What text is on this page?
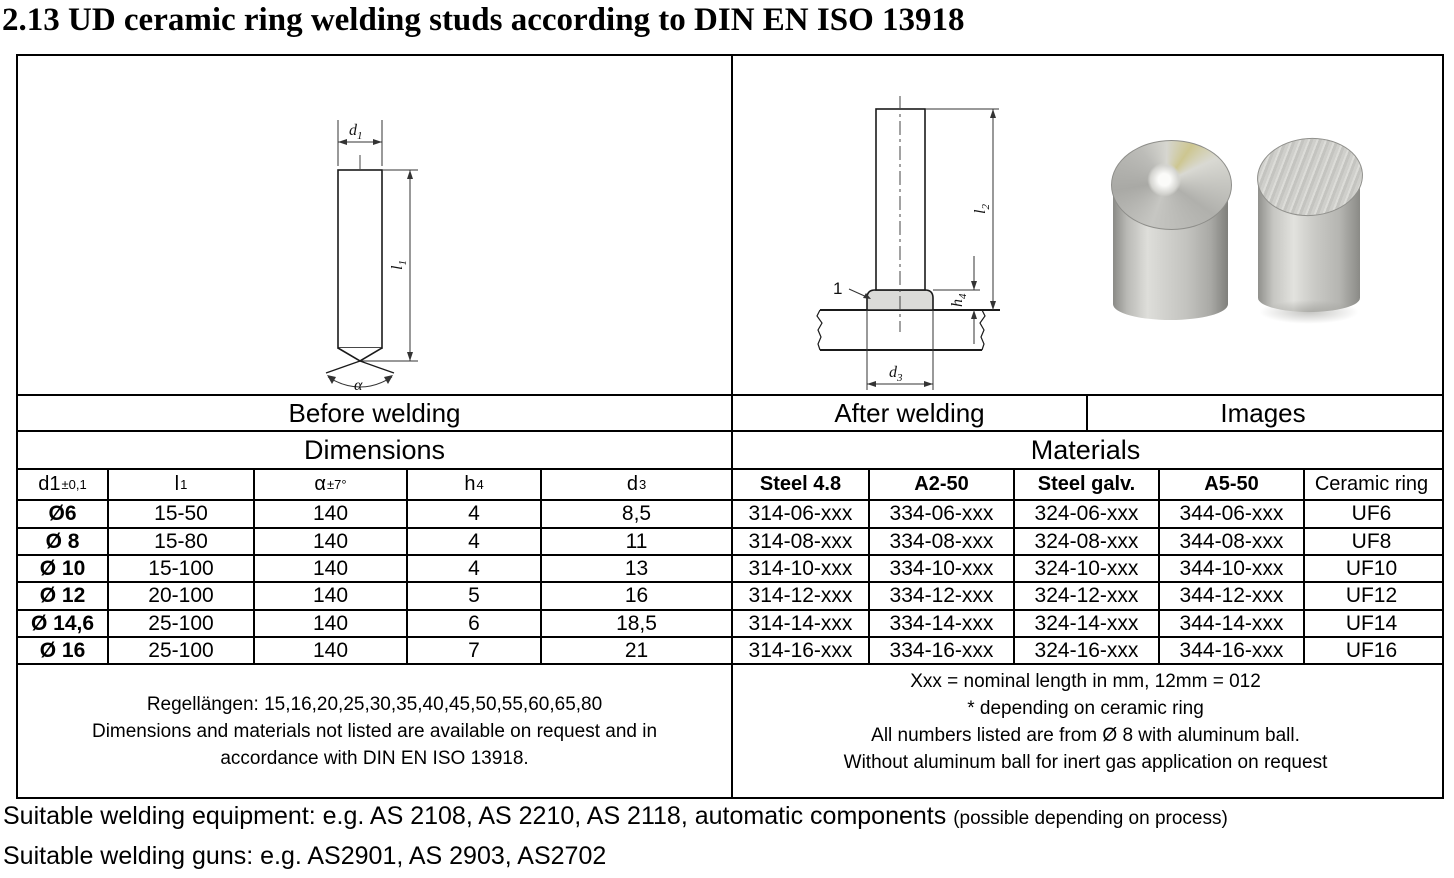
2.13 UD ceramic ring welding studs according to DIN EN ISO 13918
$d_1$
$l_1$
α
$l_2$
$h_4$
$d_3$
1
Before welding	After welding	Images
Dimensions	Materials
d1 ±0,1	l 1	α ±7°	h 4	d 3	Steel 4.8	A2-50	Steel galv.	A5-50	Ceramic ring
Ø6	15-50	140	4	8,5	314-06-xxx	334-06-xxx	324-06-xxx	344-06-xxx	UF6
Ø 8	15-80	140	4	11	314-08-xxx	334-08-xxx	324-08-xxx	344-08-xxx	UF8
Ø 10	15-100	140	4	13	314-10-xxx	334-10-xxx	324-10-xxx	344-10-xxx	UF10
Ø 12	20-100	140	5	16	314-12-xxx	334-12-xxx	324-12-xxx	344-12-xxx	UF12
Ø 14,6	25-100	140	6	18,5	314-14-xxx	334-14-xxx	324-14-xxx	344-14-xxx	UF14
Ø 16	25-100	140	7	21	314-16-xxx	334-16-xxx	324-16-xxx	344-16-xxx	UF16
Regellängen: 15,16,20,25,30,35,40,45,50,55,60,65,80
Dimensions and materials not listed are available on request and in
accordance with DIN EN ISO 13918.
Xxx = nominal length in mm, 12mm = 012
* depending on ceramic ring
All numbers listed are from Ø 8 with aluminum ball.
Without aluminum ball for inert gas application on request
Suitable welding equipment: e.g. AS 2108, AS 2210, AS 2118, automatic components (possible depending on process)
Suitable welding guns: e.g. AS2901, AS 2903, AS2702
